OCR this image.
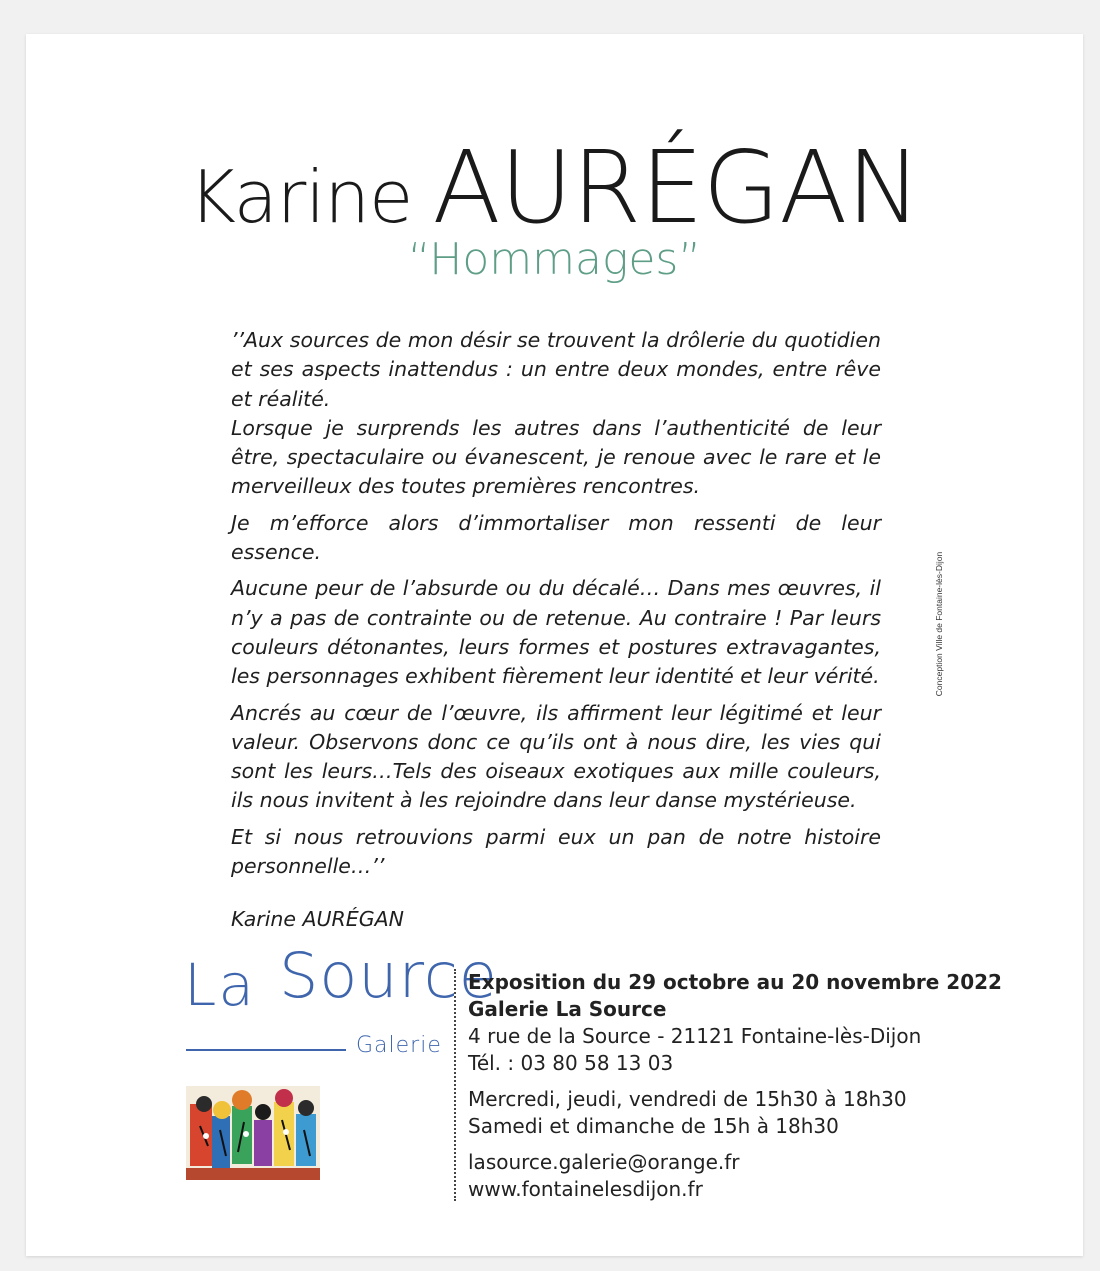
Karine AURÉGAN
“Hommages”

’’Aux sources de mon désir se trouvent la drôlerie du quotidien et ses aspects inattendus : un entre deux mondes, entre rêve et réalité.

Lorsque je surprends les autres dans l’authenticité de leur être, spectaculaire ou évanescent, je renoue avec le rare et le merveilleux des toutes premières rencontres.

Je m’efforce alors d’immortaliser mon ressenti de leur essence.

Aucune peur de l’absurde ou du décalé… Dans mes œuvres, il n’y a pas de contrainte ou de retenue. Au contraire ! Par leurs couleurs détonantes, leurs formes et postures extravagantes, les personnages exhibent fièrement leur identité et leur vérité.

Ancrés au cœur de l’œuvre, ils affirment leur légitimé et leur valeur. Observons donc ce qu’ils ont à nous dire, les vies qui sont les leurs…Tels des oiseaux exotiques aux mille couleurs, ils nous invitent à les rejoindre dans leur danse mystérieuse.

Et si nous retrouvions parmi eux un pan de notre histoire personnelle…’’

Karine AURÉGAN
Conception Ville de Fontaine-lès-Dijon
La Source
Galerie
Exposition du 29 octobre au 20 novembre 2022
Galerie La Source
4 rue de la Source - 21121 Fontaine-lès-Dijon
Tél. : 03 80 58 13 03
Mercredi, jeudi, vendredi de 15h30 à 18h30
Samedi et dimanche de 15h à 18h30
lasource.galerie@orange.fr
www.fontainelesdijon.fr
